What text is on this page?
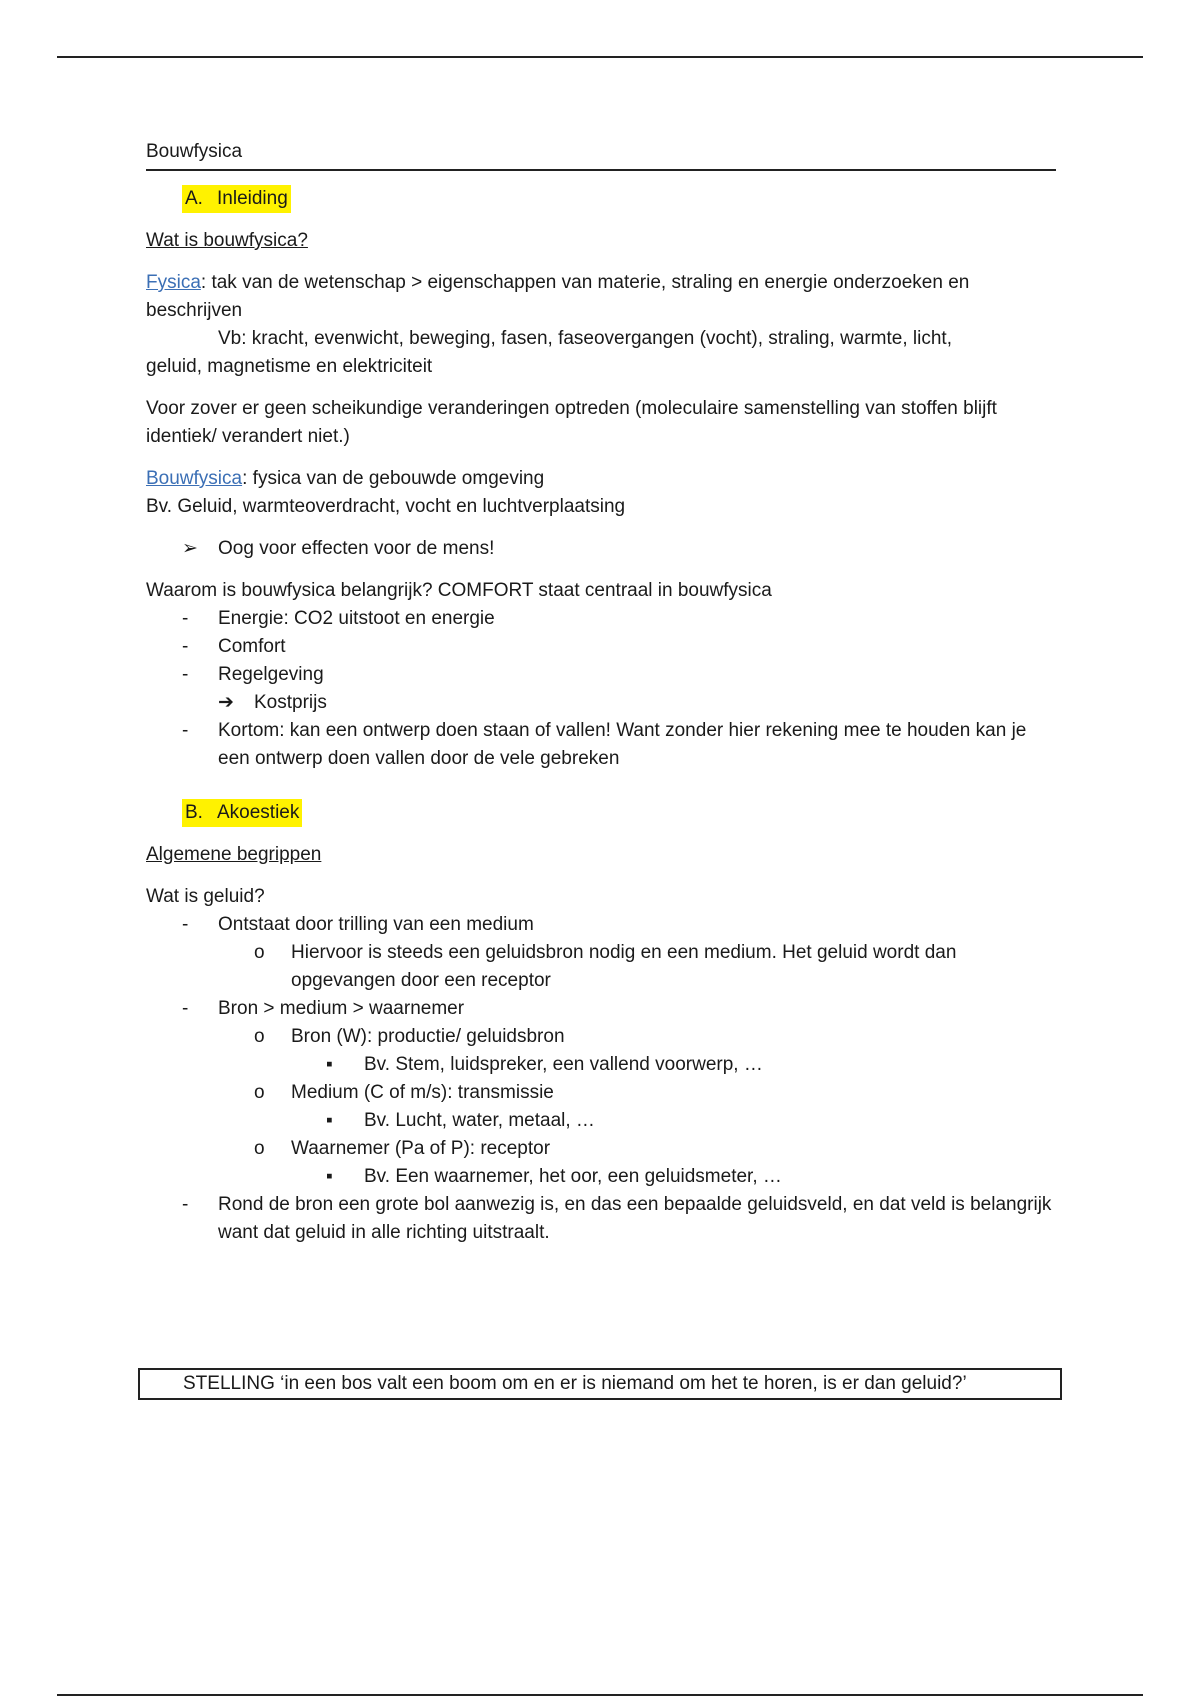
Bouwfysica
A. Inleiding

Wat is bouwfysica?

Fysica: tak van de wetenschap > eigenschappen van materie, straling en energie onderzoeken en beschrijven

Vb: kracht, evenwicht, beweging, fasen, faseovergangen (vocht), straling, warmte, licht,

geluid, magnetisme en elektriciteit

Voor zover er geen scheikundige veranderingen optreden (moleculaire samenstelling van stoffen blijft identiek/ verandert niet.)

Bouwfysica: fysica van de gebouwde omgeving

Bv. Geluid, warmteoverdracht, vocht en luchtverplaatsing

➢ Oog voor effecten voor de mens!

Waarom is bouwfysica belangrijk? COMFORT staat centraal in bouwfysica

-	Energie: CO2 uitstoot en energie
-	Comfort
-	Regelgeving
➔ Kostprijs
-	Kortom: kan een ontwerp doen staan of vallen! Want zonder hier rekening mee te houden kan je een ontwerp doen vallen door de vele gebreken
B. Akoestiek

Algemene begrippen

Wat is geluid?

-	Ontstaat door trilling van een medium
o	Hiervoor is steeds een geluidsbron nodig en een medium. Het geluid wordt dan opgevangen door een receptor
-	Bron > medium > waarnemer
o	Bron (W): productie/ geluidsbron
▪	Bv. Stem, luidspreker, een vallend voorwerp, …
o	Medium (C of m/s): transmissie
▪	Bv. Lucht, water, metaal, …
o	Waarnemer (Pa of P): receptor
▪	Bv. Een waarnemer, het oor, een geluidsmeter, …
-	Rond de bron een grote bol aanwezig is, en das een bepaalde geluidsveld, en dat veld is belangrijk want dat geluid in alle richting uitstraalt.
STELLING ‘in een bos valt een boom om en er is niemand om het te horen, is er dan geluid?’
